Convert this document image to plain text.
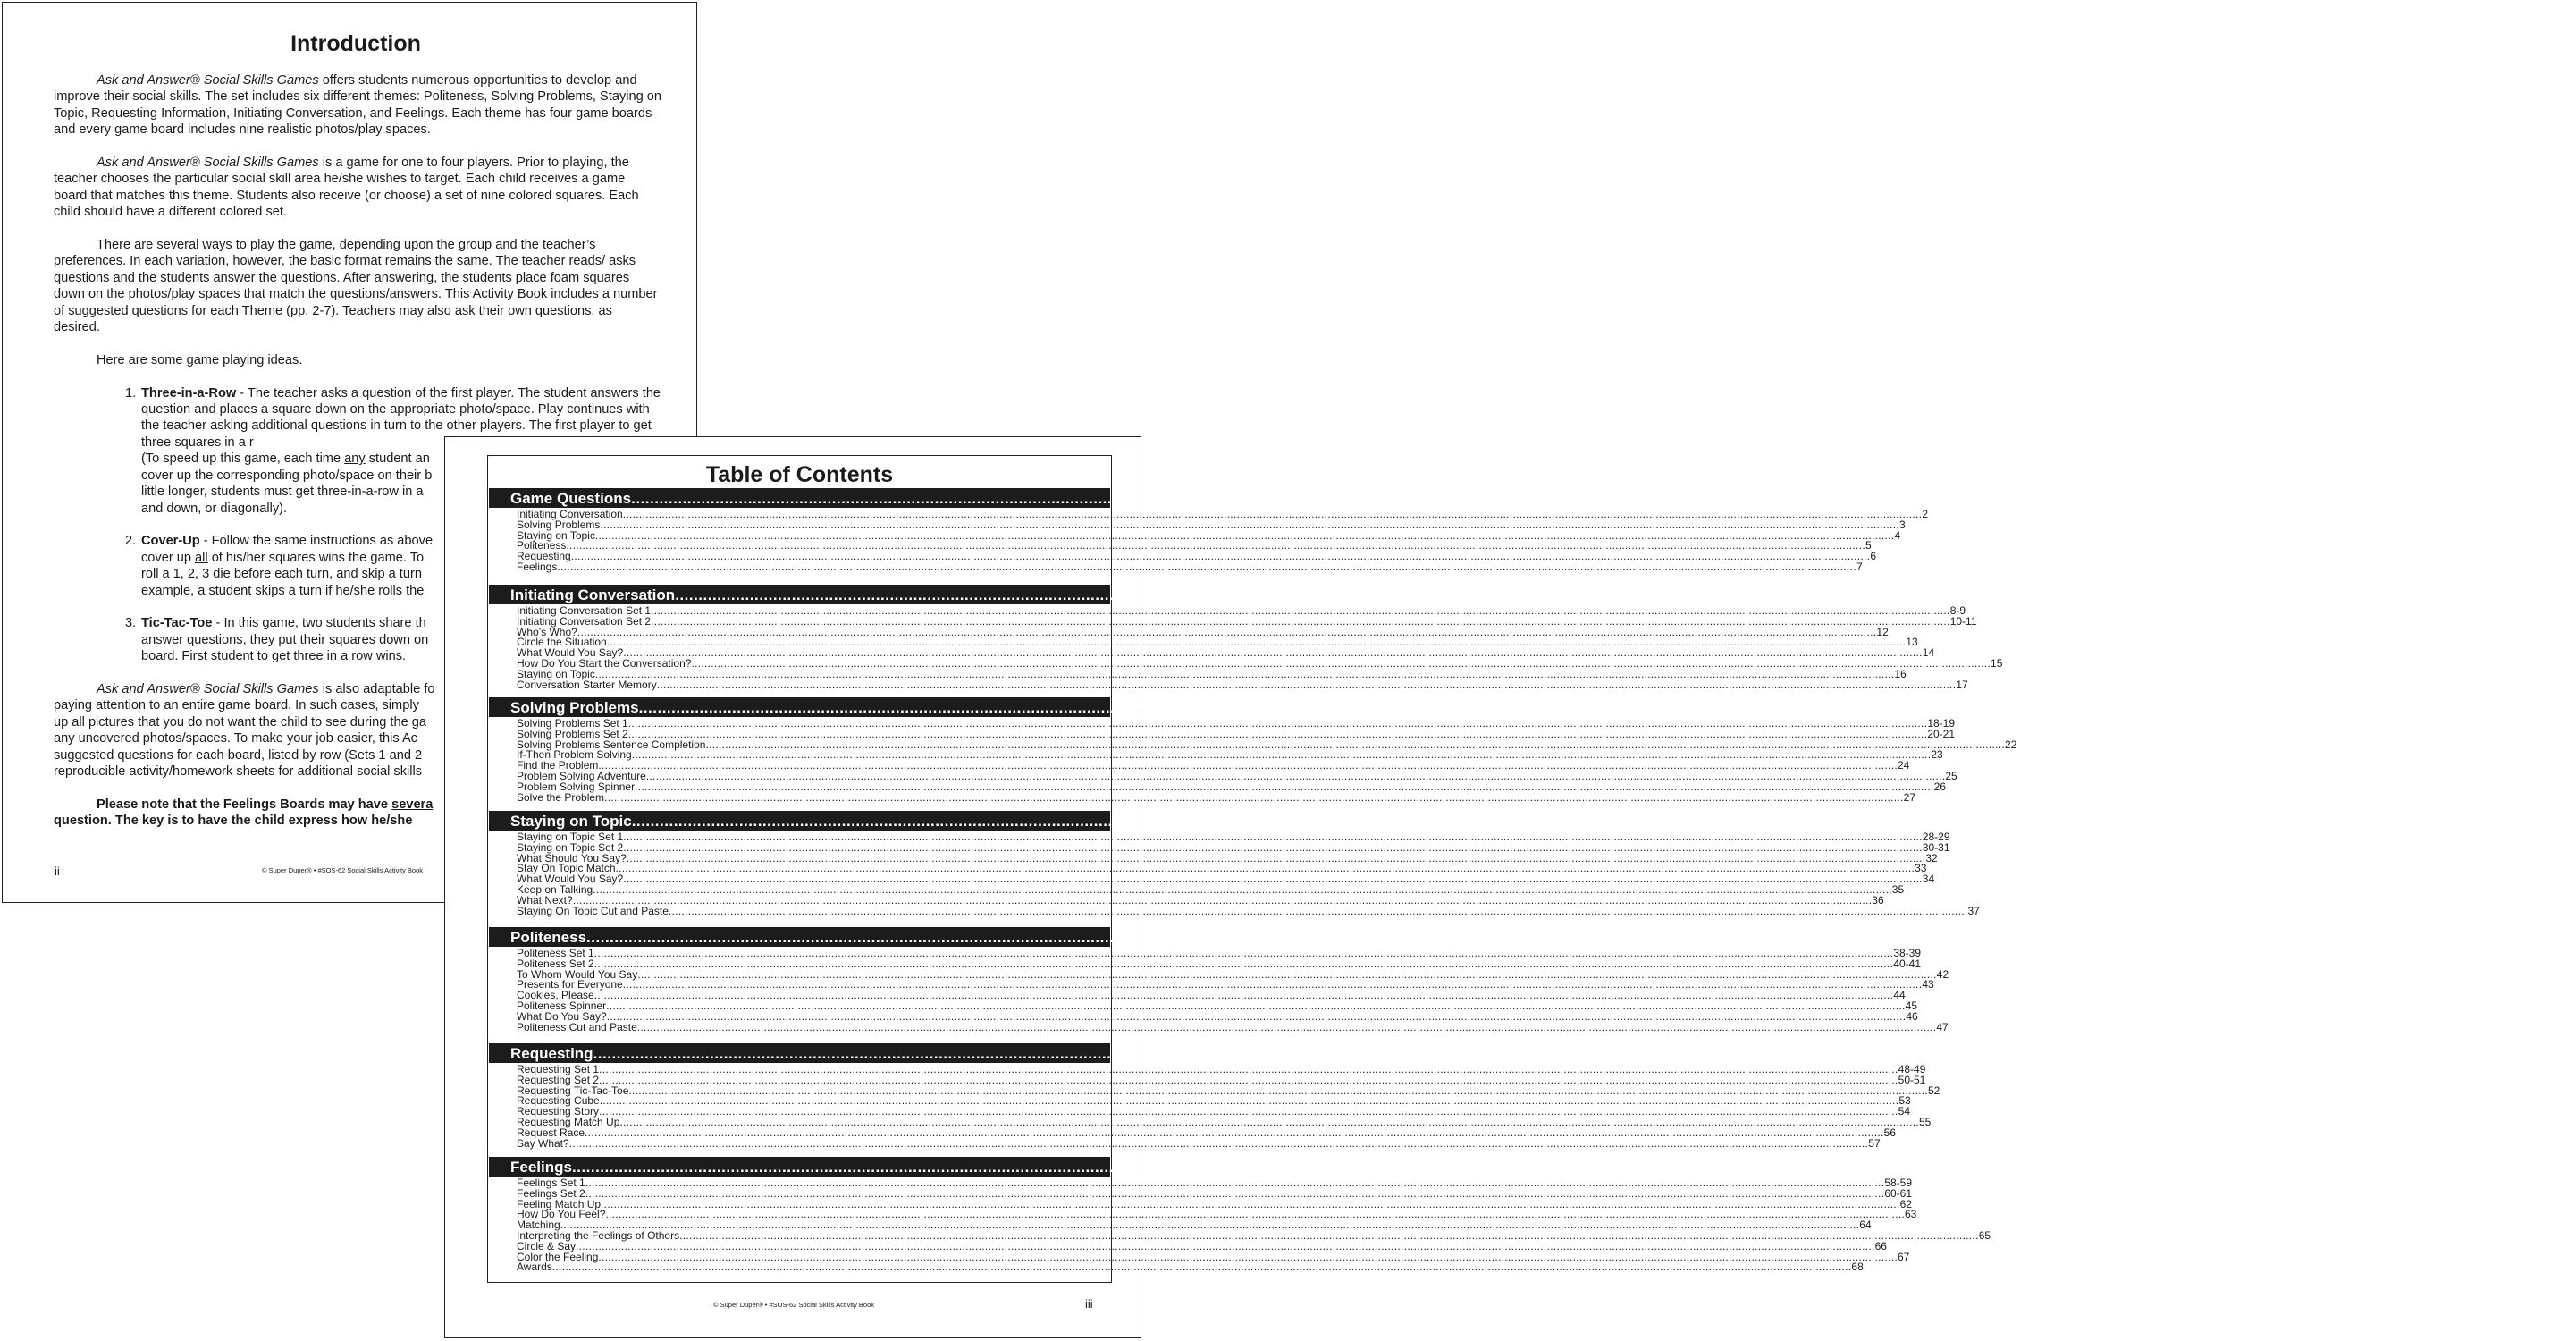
Introduction

Ask and Answer® Social Skills Games offers students numerous opportunities to develop and improve their social skills. The set includes six different themes: Politeness, Solving Problems, Staying on Topic, Requesting Information, Initiating Conversation, and Feelings. Each theme has four game boards and every game board includes nine realistic photos/play spaces.

Ask and Answer® Social Skills Games is a game for one to four players. Prior to playing, the teacher chooses the particular social skill area he/she wishes to target. Each child receives a game board that matches this theme. Students also receive (or choose) a set of nine colored squares. Each child should have a different colored set.

There are several ways to play the game, depending upon the group and the teacher’s preferences. In each variation, however, the basic format remains the same. The teacher reads/ asks questions and the students answer the questions. After answering, the students place foam squares down on the photos/play spaces that match the questions/answers. This Activity Book includes a number of suggested questions for each Theme (pp. 2-7). Teachers may also ask their own questions, as desired.

Here are some game playing ideas.

1. Three-in-a-Row - The teacher asks a question of the first player. The student answers the question and places a square down on the appropriate photo/space. Play continues with the teacher asking additional questions in turn to the other players. The first player to get three squares in a r
(To speed up this game, each time any student an
cover up the corresponding photo/space on their b
little longer, students must get three-in-a-row in a
and down, or diagonally).
2. Cover-Up - Follow the same instructions as above
cover up all of his/her squares wins the game. To
roll a 1, 2, 3 die before each turn, and skip a turn
example, a student skips a turn if he/she rolls the
3. Tic-Tac-Toe - In this game, two students share th
answer questions, they put their squares down on
board. First student to get three in a row wins.

Ask and Answer® Social Skills Games is also adaptable fo
paying attention to an entire game board. In such cases, simply
up all pictures that you do not want the child to see during the ga
any uncovered photos/spaces. To make your job easier, this Ac
suggested questions for each board, listed by row (Sets 1 and 2
reproducible activity/homework sheets for additional social skills

Please note that the Feelings Boards may have severa
question. The key is to have the child express how he/she

ii	© Super Duper® • #SOS-62 Social Skills Activity Book
Table of Contents
Game Questions ................................................................................................................................................................................................................................................................................................................................................................................................................ 2-7
Initiating Conversation ................................................................................................................................................................................................................................................................................................................................................................................................................ 2
Solving Problems ................................................................................................................................................................................................................................................................................................................................................................................................................ 3
Staying on Topic ................................................................................................................................................................................................................................................................................................................................................................................................................ 4
Politeness ................................................................................................................................................................................................................................................................................................................................................................................................................ 5
Requesting ................................................................................................................................................................................................................................................................................................................................................................................................................ 6
Feelings ................................................................................................................................................................................................................................................................................................................................................................................................................ 7
Initiating Conversation ................................................................................................................................................................................................................................................................................................................................................................................................................ 8-17
Initiating Conversation Set 1 ................................................................................................................................................................................................................................................................................................................................................................................................................ 8-9
Initiating Conversation Set 2 ................................................................................................................................................................................................................................................................................................................................................................................................................ 10-11
Who’s Who? ................................................................................................................................................................................................................................................................................................................................................................................................................ 12
Circle the Situation ................................................................................................................................................................................................................................................................................................................................................................................................................ 13
What Would You Say? ................................................................................................................................................................................................................................................................................................................................................................................................................ 14
How Do You Start the Conversation? ................................................................................................................................................................................................................................................................................................................................................................................................................ 15
Staying on Topic ................................................................................................................................................................................................................................................................................................................................................................................................................ 16
Conversation Starter Memory ................................................................................................................................................................................................................................................................................................................................................................................................................ 17
Solving Problems ................................................................................................................................................................................................................................................................................................................................................................................................................ 18-27
Solving Problems Set 1 ................................................................................................................................................................................................................................................................................................................................................................................................................ 18-19
Solving Problems Set 2 ................................................................................................................................................................................................................................................................................................................................................................................................................ 20-21
Solving Problems Sentence Completion ................................................................................................................................................................................................................................................................................................................................................................................................................ 22
If-Then Problem Solving ................................................................................................................................................................................................................................................................................................................................................................................................................ 23
Find the Problem ................................................................................................................................................................................................................................................................................................................................................................................................................ 24
Problem Solving Adventure ................................................................................................................................................................................................................................................................................................................................................................................................................ 25
Problem Solving Spinner ................................................................................................................................................................................................................................................................................................................................................................................................................ 26
Solve the Problem ................................................................................................................................................................................................................................................................................................................................................................................................................ 27
Staying on Topic ................................................................................................................................................................................................................................................................................................................................................................................................................ 28-37
Staying on Topic Set 1 ................................................................................................................................................................................................................................................................................................................................................................................................................ 28-29
Staying on Topic Set 2 ................................................................................................................................................................................................................................................................................................................................................................................................................ 30-31
What Should You Say? ................................................................................................................................................................................................................................................................................................................................................................................................................ 32
Stay On Topic Match ................................................................................................................................................................................................................................................................................................................................................................................................................ 33
What Would You Say? ................................................................................................................................................................................................................................................................................................................................................................................................................ 34
Keep on Talking ................................................................................................................................................................................................................................................................................................................................................................................................................ 35
What Next? ................................................................................................................................................................................................................................................................................................................................................................................................................ 36
Staying On Topic Cut and Paste ................................................................................................................................................................................................................................................................................................................................................................................................................ 37
Politeness ................................................................................................................................................................................................................................................................................................................................................................................................................ 38-47
Politeness Set 1 ................................................................................................................................................................................................................................................................................................................................................................................................................ 38-39
Politeness Set 2 ................................................................................................................................................................................................................................................................................................................................................................................................................ 40-41
To Whom Would You Say ................................................................................................................................................................................................................................................................................................................................................................................................................ 42
Presents for Everyone ................................................................................................................................................................................................................................................................................................................................................................................................................ 43
Cookies, Please ................................................................................................................................................................................................................................................................................................................................................................................................................ 44
Politeness Spinner ................................................................................................................................................................................................................................................................................................................................................................................................................ 45
What Do You Say? ................................................................................................................................................................................................................................................................................................................................................................................................................ 46
Politeness Cut and Paste ................................................................................................................................................................................................................................................................................................................................................................................................................ 47
Requesting ................................................................................................................................................................................................................................................................................................................................................................................................................ 48-57
Requesting Set 1 ................................................................................................................................................................................................................................................................................................................................................................................................................ 48-49
Requesting Set 2 ................................................................................................................................................................................................................................................................................................................................................................................................................ 50-51
Requesting Tic-Tac-Toe ................................................................................................................................................................................................................................................................................................................................................................................................................ 52
Requesting Cube ................................................................................................................................................................................................................................................................................................................................................................................................................ 53
Requesting Story ................................................................................................................................................................................................................................................................................................................................................................................................................ 54
Requesting Match Up ................................................................................................................................................................................................................................................................................................................................................................................................................ 55
Request Race ................................................................................................................................................................................................................................................................................................................................................................................................................ 56
Say What? ................................................................................................................................................................................................................................................................................................................................................................................................................ 57
Feelings ................................................................................................................................................................................................................................................................................................................................................................................................................ 58-67
Feelings Set 1 ................................................................................................................................................................................................................................................................................................................................................................................................................ 58-59
Feelings Set 2 ................................................................................................................................................................................................................................................................................................................................................................................................................ 60-61
Feeling Match Up ................................................................................................................................................................................................................................................................................................................................................................................................................ 62
How Do You Feel? ................................................................................................................................................................................................................................................................................................................................................................................................................ 63
Matching ................................................................................................................................................................................................................................................................................................................................................................................................................ 64
Interpreting the Feelings of Others ................................................................................................................................................................................................................................................................................................................................................................................................................ 65
Circle & Say ................................................................................................................................................................................................................................................................................................................................................................................................................ 66
Color the Feeling ................................................................................................................................................................................................................................................................................................................................................................................................................ 67
Awards ................................................................................................................................................................................................................................................................................................................................................................................................................ 68
© Super Duper® • #SOS-62 Social Skills Activity Book	iii
